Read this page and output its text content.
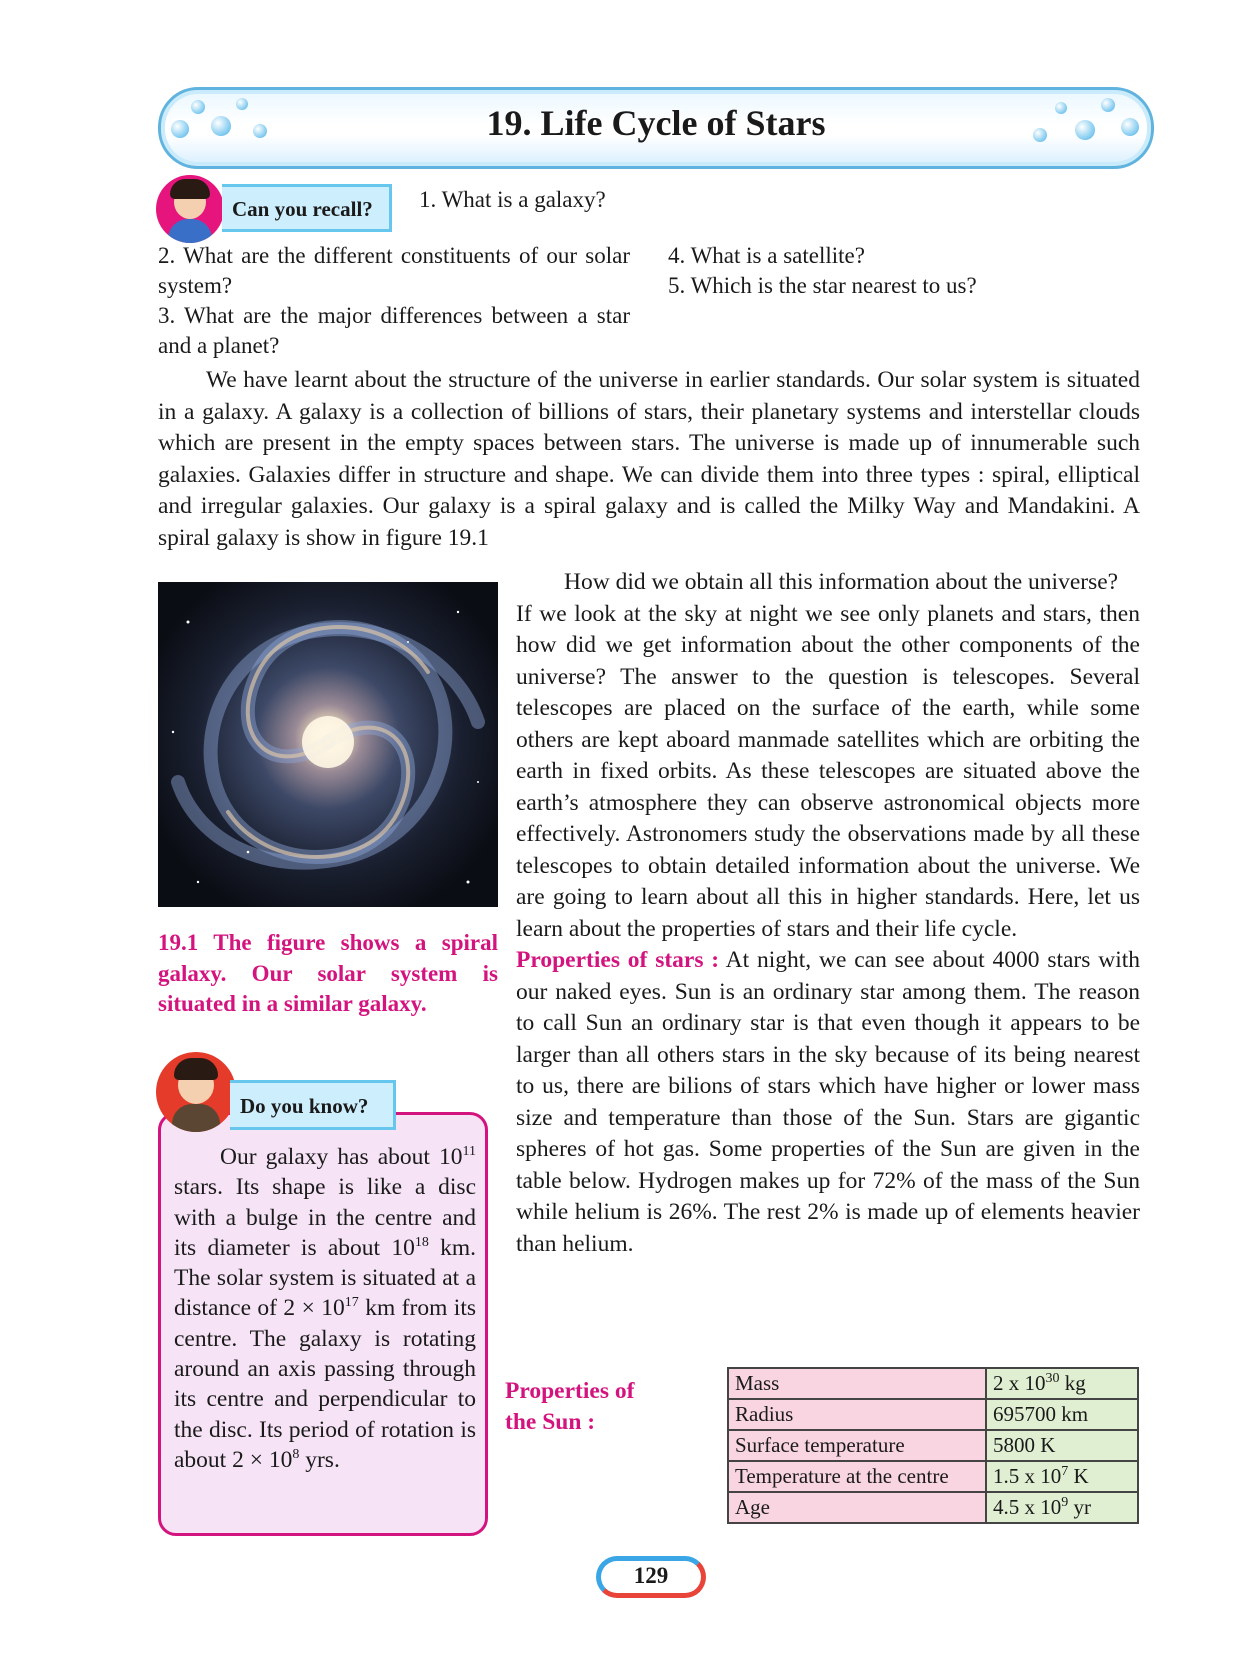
19. Life Cycle of Stars
Can you recall?	1. What is a galaxy?
2. What are the different constituents of our solar system?
3. What are the major differences between a star and a planet?
4. What is a satellite?
5. Which is the star nearest to us?

We have learnt about the structure of the universe in earlier standards. Our solar system is situated in a galaxy. A galaxy is a collection of billions of stars, their planetary systems and interstellar clouds which are present in the empty spaces between stars. The universe is made up of innumerable such galaxies. Galaxies differ in structure and shape. We can divide them into three types : spiral, elliptical and irregular galaxies. Our galaxy is a spiral galaxy and is called the Milky Way and Mandakini. A spiral galaxy is show in figure 19.1

19.1 The figure shows a spiral galaxy. Our solar system is situated in a similar galaxy.

How did we obtain all this information about the universe?

If we look at the sky at night we see only planets and stars, then how did we get information about the other components of the universe? The answer to the question is telescopes. Several telescopes are placed on the surface of the earth, while some others are kept aboard manmade satellites which are orbiting the earth in fixed orbits. As these telescopes are situated above the earth’s atmosphere they can observe astronomical objects more effectively. Astronomers study the observations made by all these telescopes to obtain detailed information about the universe. We are going to learn about all this in higher standards. Here, let us learn about the properties of stars and their life cycle.

Properties of stars : At night, we can see about 4000 stars with our naked eyes. Sun is an ordinary star among them. The reason to call Sun an ordinary star is that even though it appears to be larger than all others stars in the sky because of its being nearest to us, there are bilions of stars which have higher or lower mass size and temperature than those of the Sun. Stars are gigantic spheres of hot gas. Some properties of the Sun are given in the table below. Hydrogen makes up for 72% of the mass of the Sun while helium is 26%. The rest 2% is made up of elements heavier than helium.

Do you know?
Our galaxy has about $10^{11}$ stars. Its shape is like a disc with a bulge in the centre and its diameter is about $10^{18}$ km. The solar system is situated at a distance of $2 \times 10^{17}$ km from its centre. The galaxy is rotating around an axis passing through its centre and perpendicular to the disc. Its period of rotation is about $2 \times 10^8$ yrs.
Properties of the Sun :
Mass	2 x $10^{30}$ kg
Radius	695700 km
Surface temperature	5800 K
Temperature at the centre	1.5 x $10^7$ K
Age	4.5 x $10^9$ yr
129
